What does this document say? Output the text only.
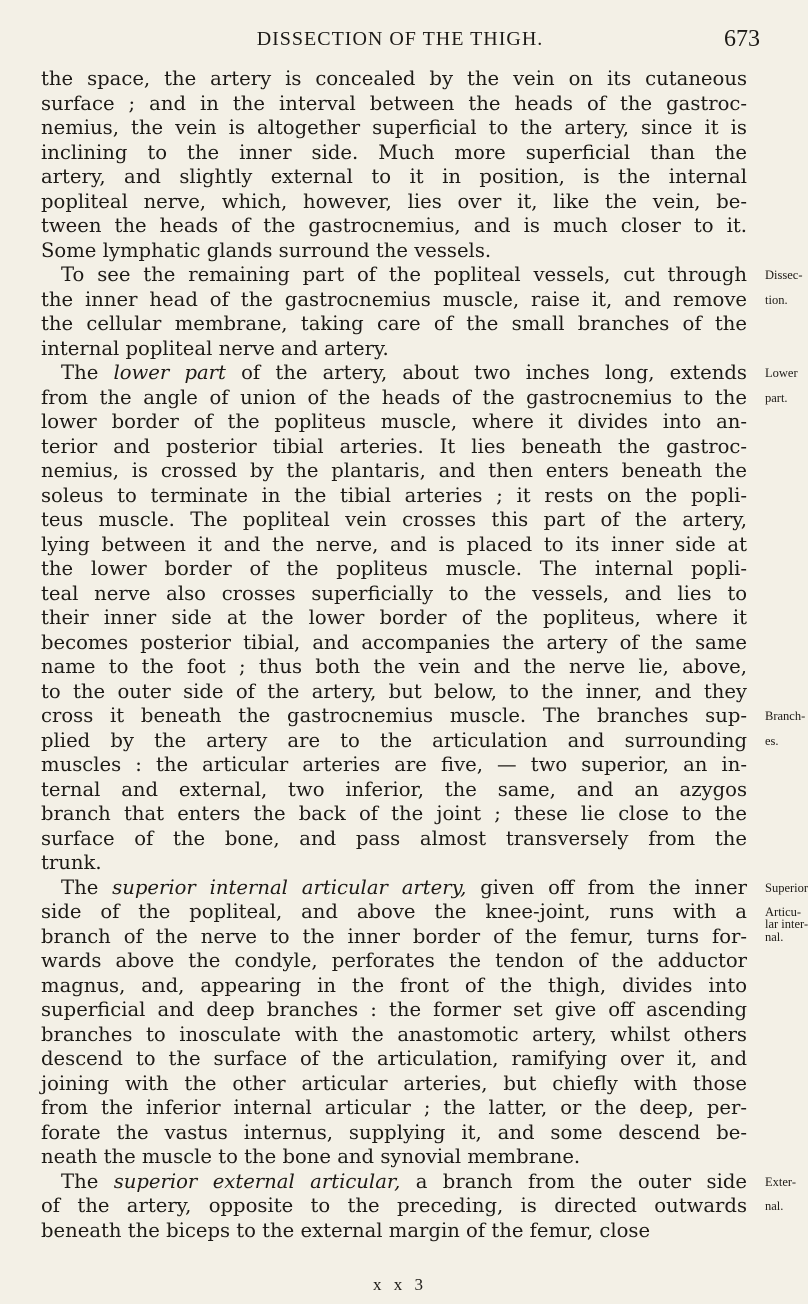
DISSECTION OF THE THIGH.	673
the space, the artery is concealed by the vein on its cutaneous
surface ; and in the interval between the heads of the gastroc-
nemius, the vein is altogether superficial to the artery, since it is
inclining to the inner side. Much more superficial than the
artery, and slightly external to it in position, is the internal
popliteal nerve, which, however, lies over it, like the vein, be-
tween the heads of the gastrocnemius, and is much closer to it.
Some lymphatic glands surround the vessels.
To see the remaining part of the popliteal vessels, cut through
the inner head of the gastrocnemius muscle, raise it, and remove
the cellular membrane, taking care of the small branches of the
internal popliteal nerve and artery.
The lower part of the artery, about two inches long, extends
from the angle of union of the heads of the gastrocnemius to the
lower border of the popliteus muscle, where it divides into an-
terior and posterior tibial arteries. It lies beneath the gastroc-
nemius, is crossed by the plantaris, and then enters beneath the
soleus to terminate in the tibial arteries ; it rests on the popli-
teus muscle. The popliteal vein crosses this part of the artery,
lying between it and the nerve, and is placed to its inner side at
the lower border of the popliteus muscle. The internal popli-
teal nerve also crosses superficially to the vessels, and lies to
their inner side at the lower border of the popliteus, where it
becomes posterior tibial, and accompanies the artery of the same
name to the foot ; thus both the vein and the nerve lie, above,
to the outer side of the artery, but below, to the inner, and they
cross it beneath the gastrocnemius muscle. The branches sup-
plied by the artery are to the articulation and surrounding
muscles : the articular arteries are five, — two superior, an in-
ternal and external, two inferior, the same, and an azygos
branch that enters the back of the joint ; these lie close to the
surface of the bone, and pass almost transversely from the
trunk.
The superior internal articular artery, given off from the inner
side of the popliteal, and above the knee-joint, runs with a
branch of the nerve to the inner border of the femur, turns for-
wards above the condyle, perforates the tendon of the adductor
magnus, and, appearing in the front of the thigh, divides into
superficial and deep branches : the former set give off ascending
branches to inosculate with the anastomotic artery, whilst others
descend to the surface of the articulation, ramifying over it, and
joining with the other articular arteries, but chiefly with those
from the inferior internal articular ; the latter, or the deep, per-
forate the vastus internus, supplying it, and some descend be-
neath the muscle to the bone and synovial membrane.
The superior external articular, a branch from the outer side
of the artery, opposite to the preceding, is directed outwards
beneath the biceps to the external margin of the femur, close
Dissec-
tion.
Lower
part.
Branch-
es.
Superior
Articu-
lar inter-
nal.
Exter-
nal.
x x 3
